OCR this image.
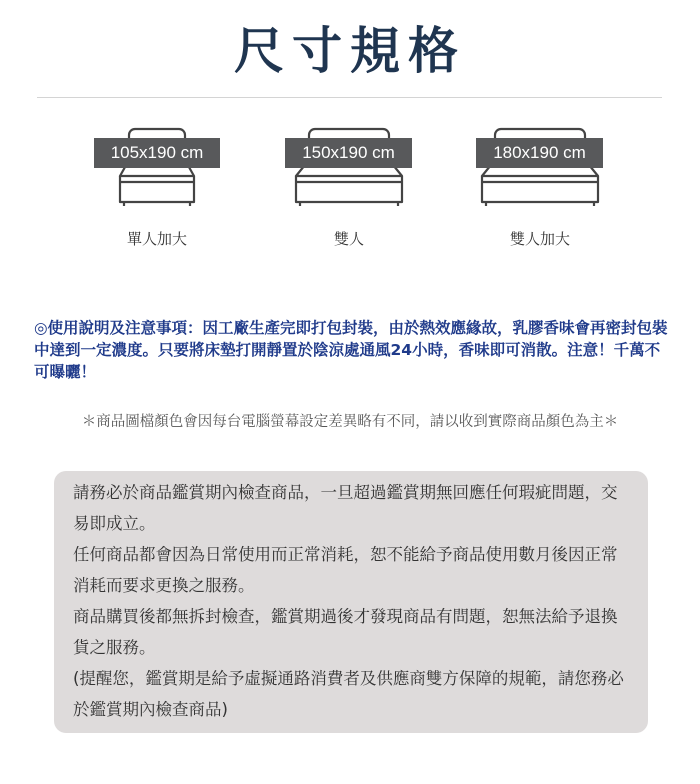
尺寸規格
單人加大
105x190 cm
雙人
150x190 cm
雙人加大
180x190 cm
◎使用說明及注意事項：因工廠生產完即打包封裝，由於熱效應緣故，乳膠香味會再密封包裝中達到一定濃度。只要將床墊打開靜置於陰涼處通風24小時，香味即可消散。注意！千萬不可曝曬！
＊商品圖檔顏色會因每台電腦螢幕設定差異略有不同，請以收到實際商品顏色為主＊

請務必於商品鑑賞期內檢查商品，一旦超過鑑賞期無回應任何瑕疵問題，交易即成立。

任何商品都會因為日常使用而正常消耗，恕不能給予商品使用數月後因正常消耗而要求更換之服務。

商品購買後都無拆封檢查，鑑賞期過後才發現商品有問題，恕無法給予退換貨之服務。

(提醒您，鑑賞期是給予虛擬通路消費者及供應商雙方保障的規範，請您務必於鑑賞期內檢查商品)
